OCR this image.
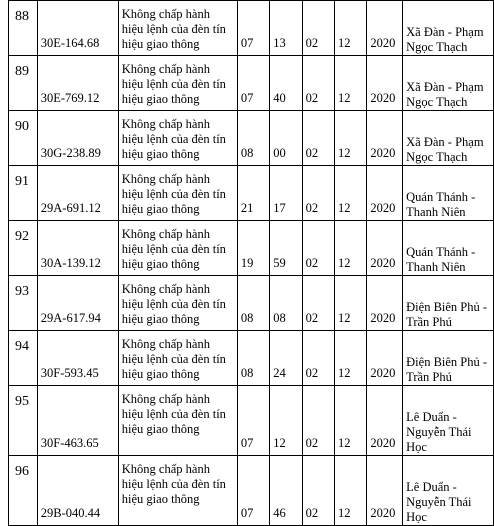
88	30E-164.68	Không chấp hành hiệu lệnh của đèn tín hiệu giao thông	07	13	02	12	2020	Xã Đàn - Phạm Ngọc Thạch
89	30E-769.12	Không chấp hành hiệu lệnh của đèn tín hiệu giao thông	07	40	02	12	2020	Xã Đàn - Phạm Ngọc Thạch
90	30G-238.89	Không chấp hành hiệu lệnh của đèn tín hiệu giao thông	08	00	02	12	2020	Xã Đàn - Phạm Ngọc Thạch
91	29A-691.12	Không chấp hành hiệu lệnh của đèn tín hiệu giao thông	21	17	02	12	2020	Quán Thánh - Thanh Niên
92	30A-139.12	Không chấp hành hiệu lệnh của đèn tín hiệu giao thông	19	59	02	12	2020	Quán Thánh - Thanh Niên
93	29A-617.94	Không chấp hành hiệu lệnh của đèn tín hiệu giao thông	08	08	02	12	2020	Điện Biên Phủ - Trần Phú
94	30F-593.45	Không chấp hành hiệu lệnh của đèn tín hiệu giao thông	08	24	02	12	2020	Điện Biên Phủ - Trần Phú
95	30F-463.65	Không chấp hành hiệu lệnh của đèn tín hiệu giao thông	07	12	02	12	2020	Lê Duẩn - Nguyễn Thái Học
96	29B-040.44	Không chấp hành hiệu lệnh của đèn tín hiệu giao thông	07	46	02	12	2020	Lê Duẩn - Nguyễn Thái Học
